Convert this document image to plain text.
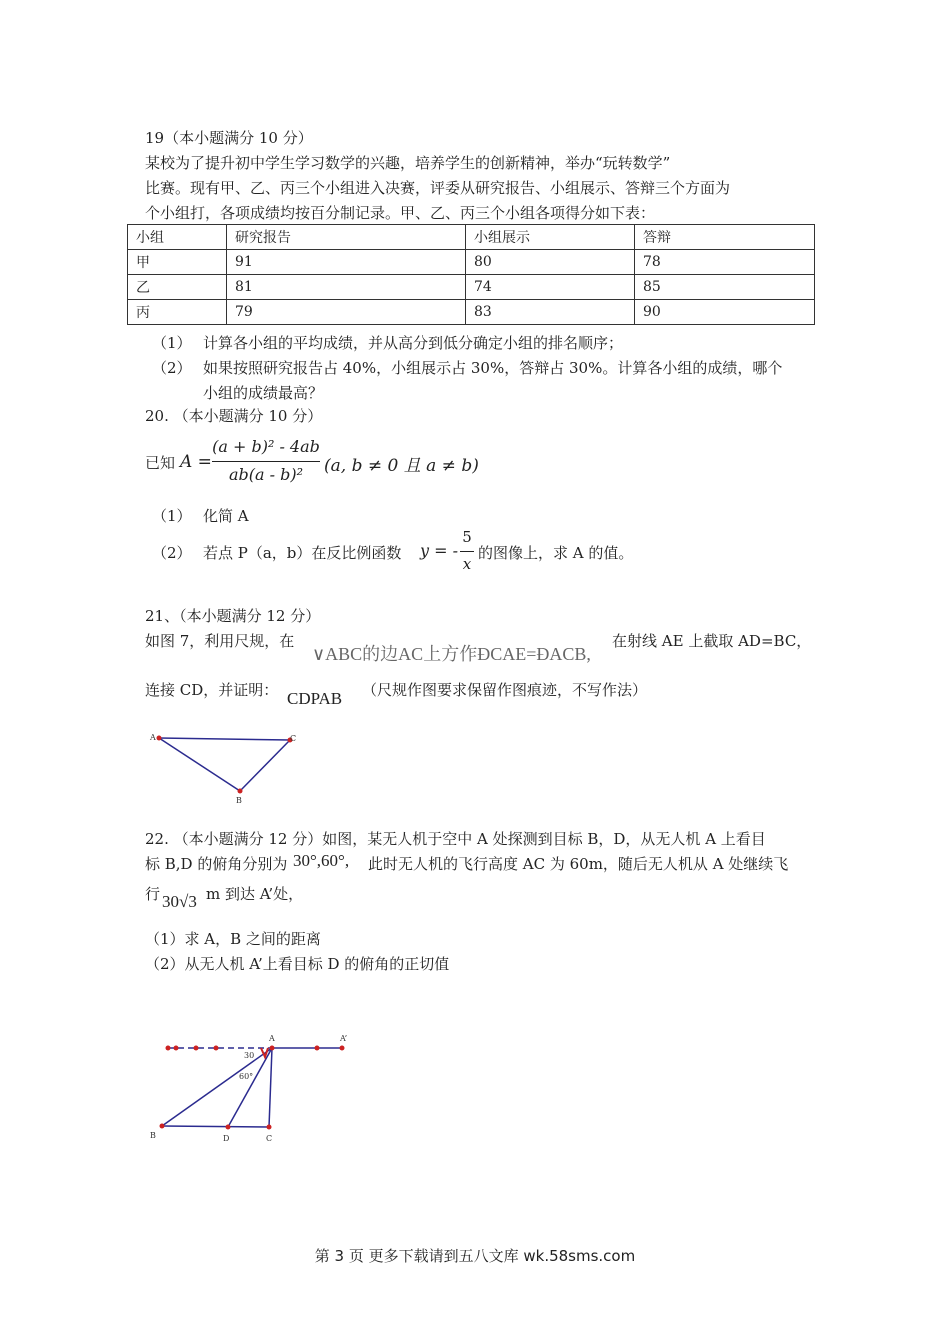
19（本小题满分 10 分）
某校为了提升初中学生学习数学的兴趣，培养学生的创新精神，举办“玩转数学”
比赛。现有甲、乙、丙三个小组进入决赛，评委从研究报告、小组展示、答辩三个方面为
个小组打，各项成绩均按百分制记录。甲、乙、丙三个小组各项得分如下表：
小组	研究报告	小组展示	答辩
甲	91	80	78
乙	81	74	85
丙	79	83	90
（1） 计算各小组的平均成绩，并从高分到低分确定小组的排名顺序；
（2） 如果按照研究报告占 40%，小组展示占 30%，答辩占 30%。计算各小组的成绩，哪个
小组的成绩最高？
20. （本小题满分 10 分）
已知 A =
(a + b)² - 4ab
ab(a - b)²	(a, b ≠ 0 且 a ≠ b)
（1） 化简 A
（2） 若点 P（a，b）在反比例函数 y = -
5
x
的图像上，求 A 的值。
21、（本小题满分 12 分）
如图 7，利用尺规，在
∨ABC的边AC上方作ÐCAE=ÐACB,
在射线 AE 上截取 AD=BC，
连接 CD，并证明： CDPAB （尺规作图要求保留作图痕迹，不写作法）
A	C
B
22. （本小题满分 12 分）如图，某无人机于空中 A 处探测到目标 B，D，从无人机 A 上看目
标 B,D 的俯角分别为 30°,60°, 此时无人机的飞行高度 AC 为 60m，随后无人机从 A 处继续飞
行 30√3 m 到达 A’处，
（1）求 A，B 之间的距离
（2）从无人机 A’上看目标 D 的俯角的正切值
A	A’
30
60°
B	D	C
第 3 页 更多下载请到五八文库 wk.58sms.com
